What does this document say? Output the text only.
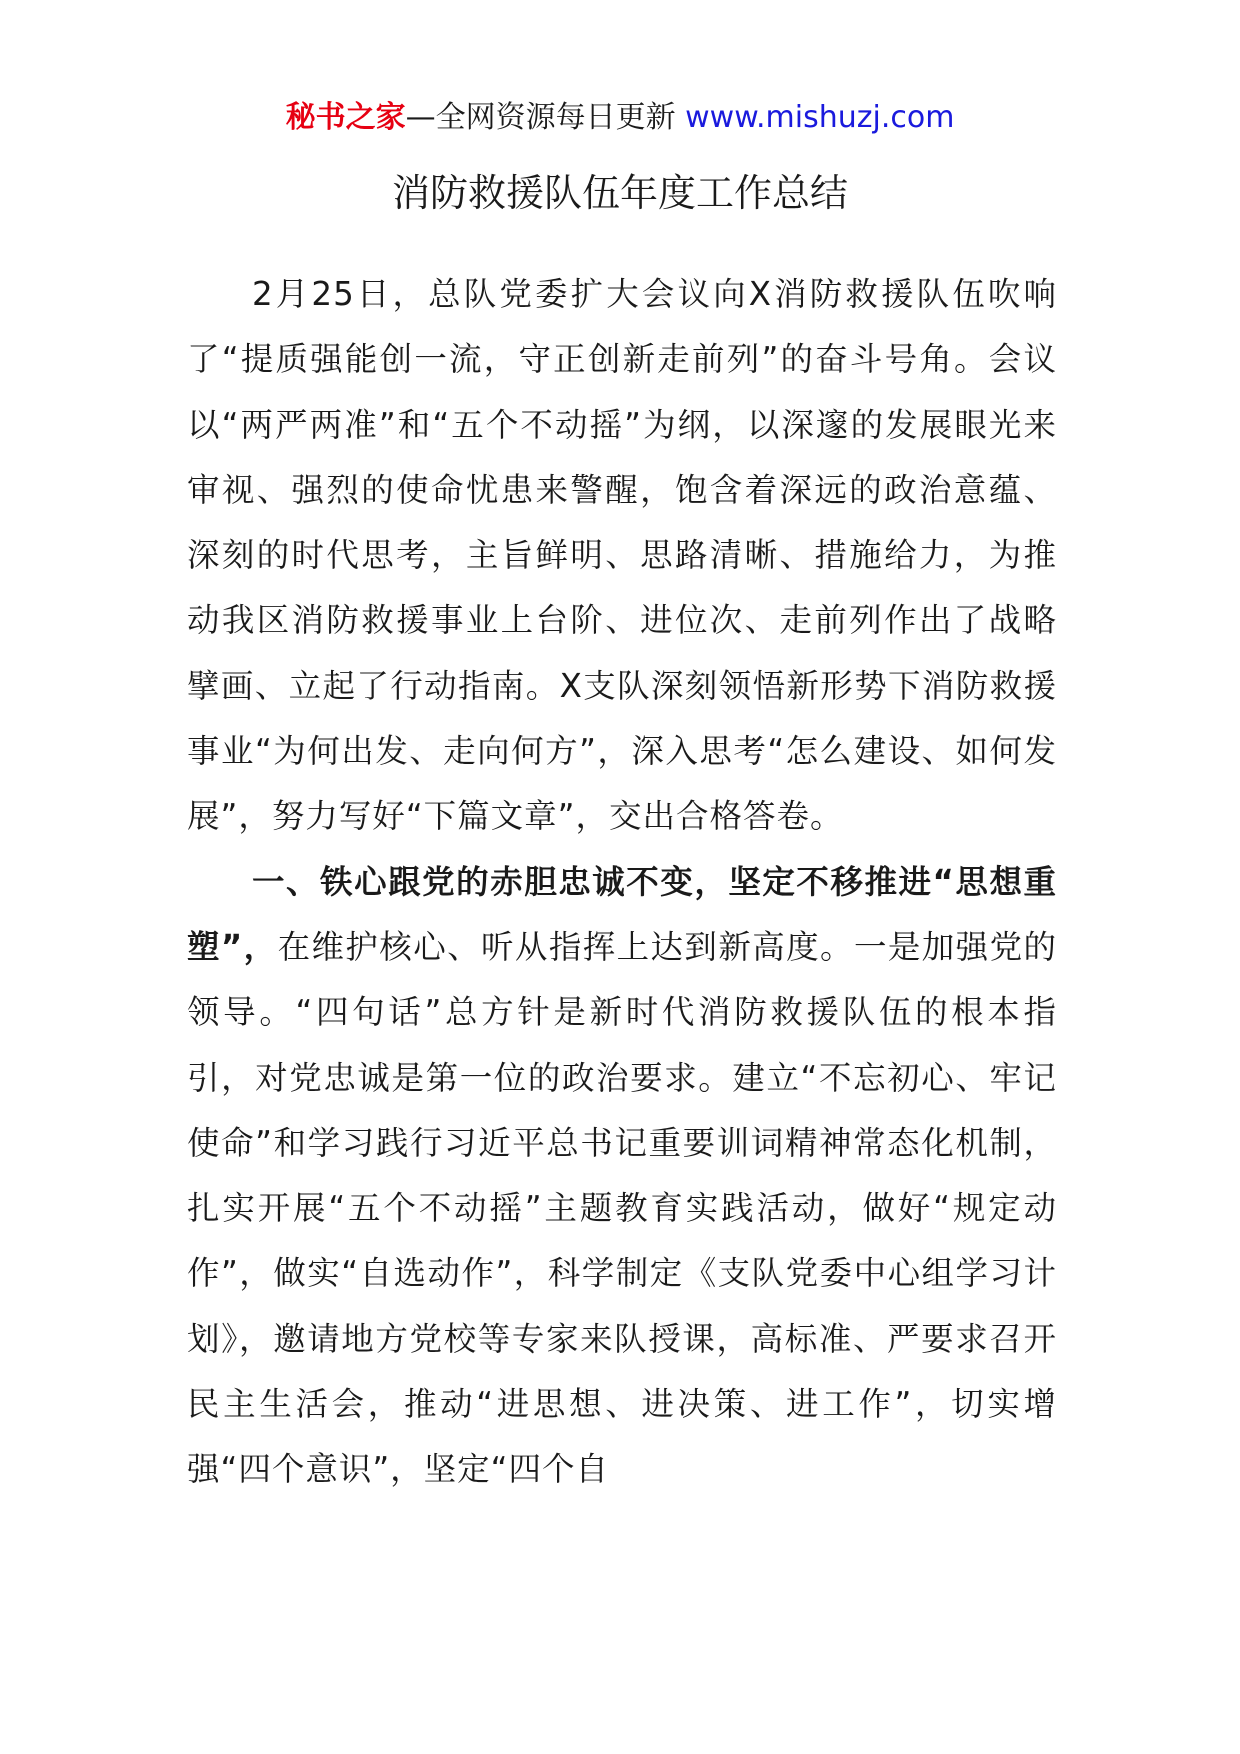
秘书之家—全网资源每日更新 www.mishuzj.com
消防救援队伍年度工作总结

2月25日，总队党委扩大会议向X消防救援队伍吹响了“提质强能创一流，守正创新走前列”的奋斗号角。会议以“两严两准”和“五个不动摇”为纲，以深邃的发展眼光来审视、强烈的使命忧患来警醒，饱含着深远的政治意蕴、深刻的时代思考，主旨鲜明、思路清晰、措施给力，为推动我区消防救援事业上台阶、进位次、走前列作出了战略擘画、立起了行动指南。X支队深刻领悟新形势下消防救援事业“为何出发、走向何方”，深入思考“怎么建设、如何发展”，努力写好“下篇文章”，交出合格答卷。

一、铁心跟党的赤胆忠诚不变，坚定不移推进“思想重塑”，在维护核心、听从指挥上达到新高度。一是加强党的领导。“四句话”总方针是新时代消防救援队伍的根本指引，对党忠诚是第一位的政治要求。建立“不忘初心、牢记使命”和学习践行习近平总书记重要训词精神常态化机制，扎实开展“五个不动摇”主题教育实践活动，做好“规定动作”，做实“自选动作”，科学制定《支队党委中心组学习计划》，邀请地方党校等专家来队授课，高标准、严要求召开民主生活会，推动“进思想、进决策、进工作”，切实增强“四个意识”，坚定“四个自
